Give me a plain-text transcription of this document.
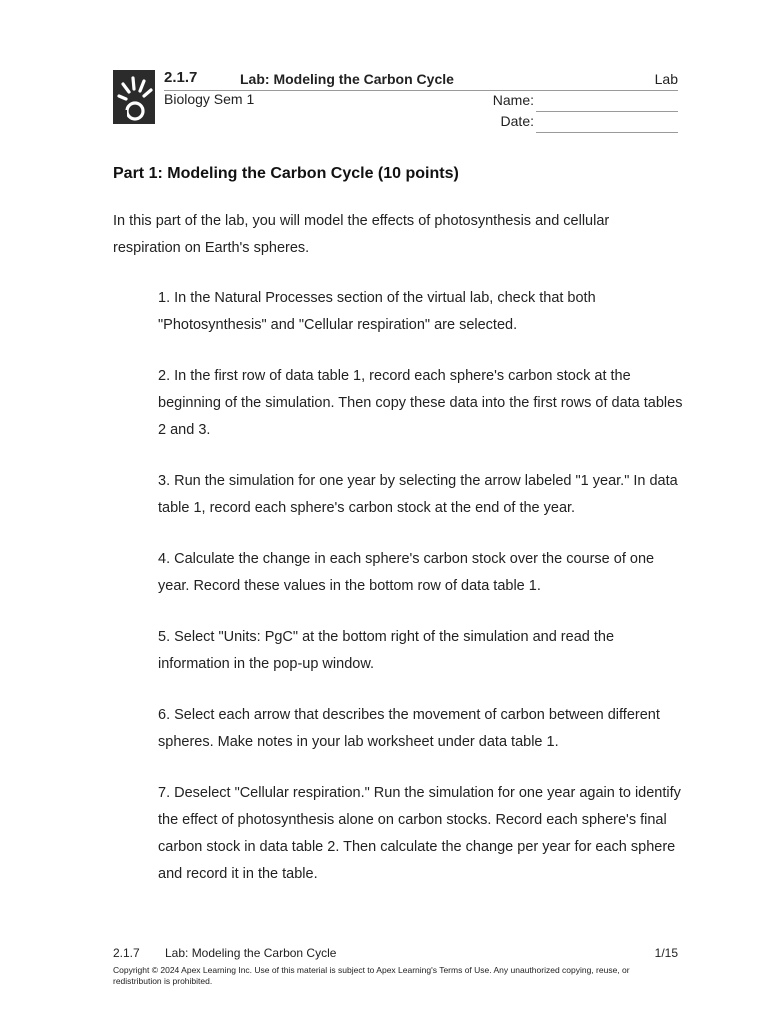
2.1.7	Lab: Modeling the Carbon Cycle	Lab
Biology Sem 1	Name:
Date:
Part 1: Modeling the Carbon Cycle (10 points)

In this part of the lab, you will model the effects of photosynthesis and cellular respiration on Earth's spheres.

1. In the Natural Processes section of the virtual lab, check that both "Photosynthesis" and "Cellular respiration" are selected.
2. In the first row of data table 1, record each sphere's carbon stock at the beginning of the simulation. Then copy these data into the first rows of data tables 2 and 3.
3. Run the simulation for one year by selecting the arrow labeled "1 year." In data table 1, record each sphere's carbon stock at the end of the year.
4. Calculate the change in each sphere's carbon stock over the course of one year. Record these values in the bottom row of data table 1.
5. Select "Units: PgC" at the bottom right of the simulation and read the information in the pop-up window.
6. Select each arrow that describes the movement of carbon between different spheres. Make notes in your lab worksheet under data table 1.
7. Deselect "Cellular respiration." Run the simulation for one year again to identify the effect of photosynthesis alone on carbon stocks. Record each sphere's final carbon stock in data table 2. Then calculate the change per year for each sphere and record it in the table.
2.1.7 Lab: Modeling the Carbon Cycle	1/15
Copyright © 2024 Apex Learning Inc. Use of this material is subject to Apex Learning's Terms of Use. Any unauthorized copying, reuse, or redistribution is prohibited.
